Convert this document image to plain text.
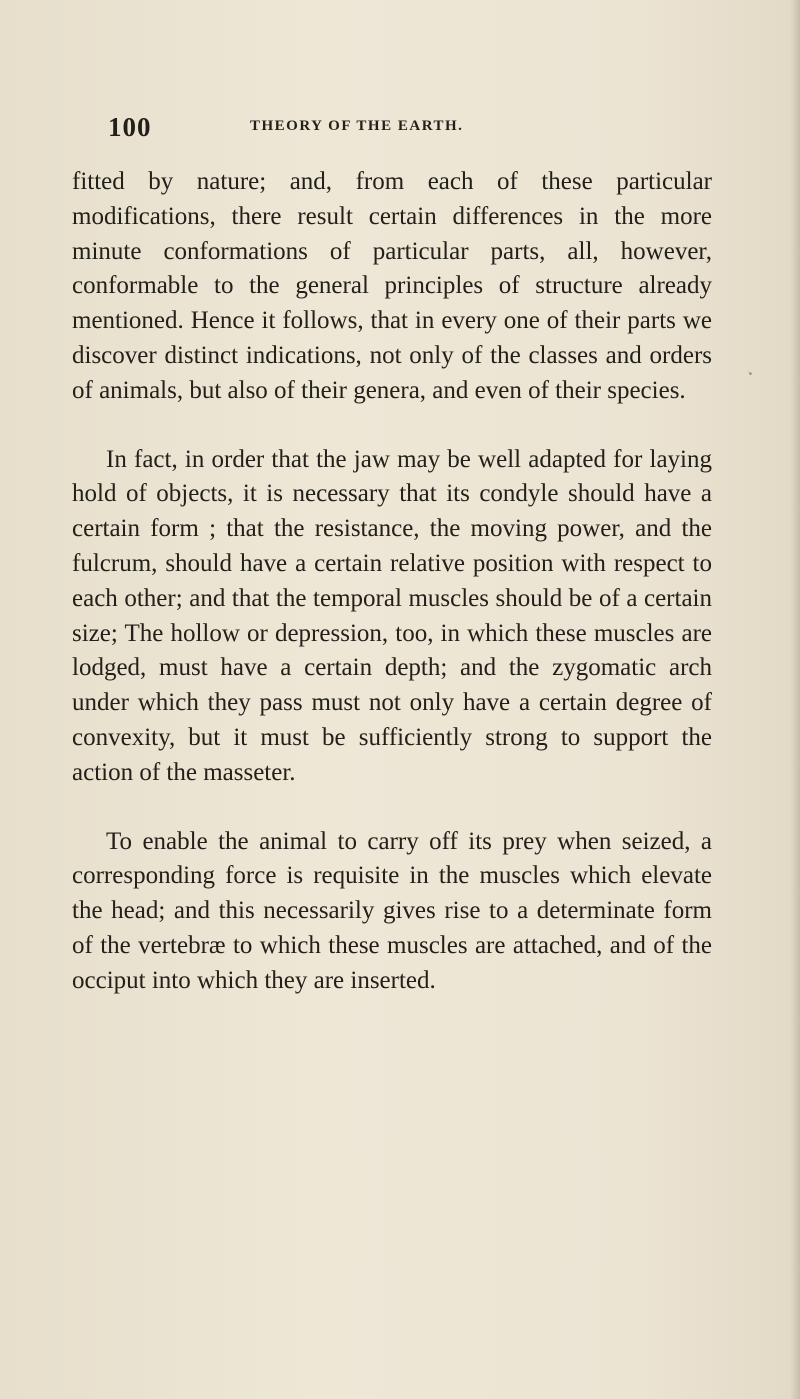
100	THEORY OF THE EARTH.

fitted by nature; and, from each of these particular modifications, there result certain differences in the more minute conformations of particular parts, all, however, conformable to the general principles of structure already mentioned. Hence it follows, that in every one of their parts we discover distinct indications, not only of the classes and orders of animals, but also of their genera, and even of their species.

In fact, in order that the jaw may be well adapted for laying hold of objects, it is necessary that its condyle should have a certain form ; that the resistance, the moving power, and the fulcrum, should have a certain relative position with respect to each other; and that the temporal muscles should be of a certain size; The hollow or depression, too, in which these muscles are lodged, must have a certain depth; and the zygomatic arch under which they pass must not only have a certain degree of convexity, but it must be sufficiently strong to support the action of the masseter.

To enable the animal to carry off its prey when seized, a corresponding force is requisite in the muscles which elevate the head; and this necessarily gives rise to a determinate form of the vertebræ to which these muscles are attached, and of the occiput into which they are inserted.
